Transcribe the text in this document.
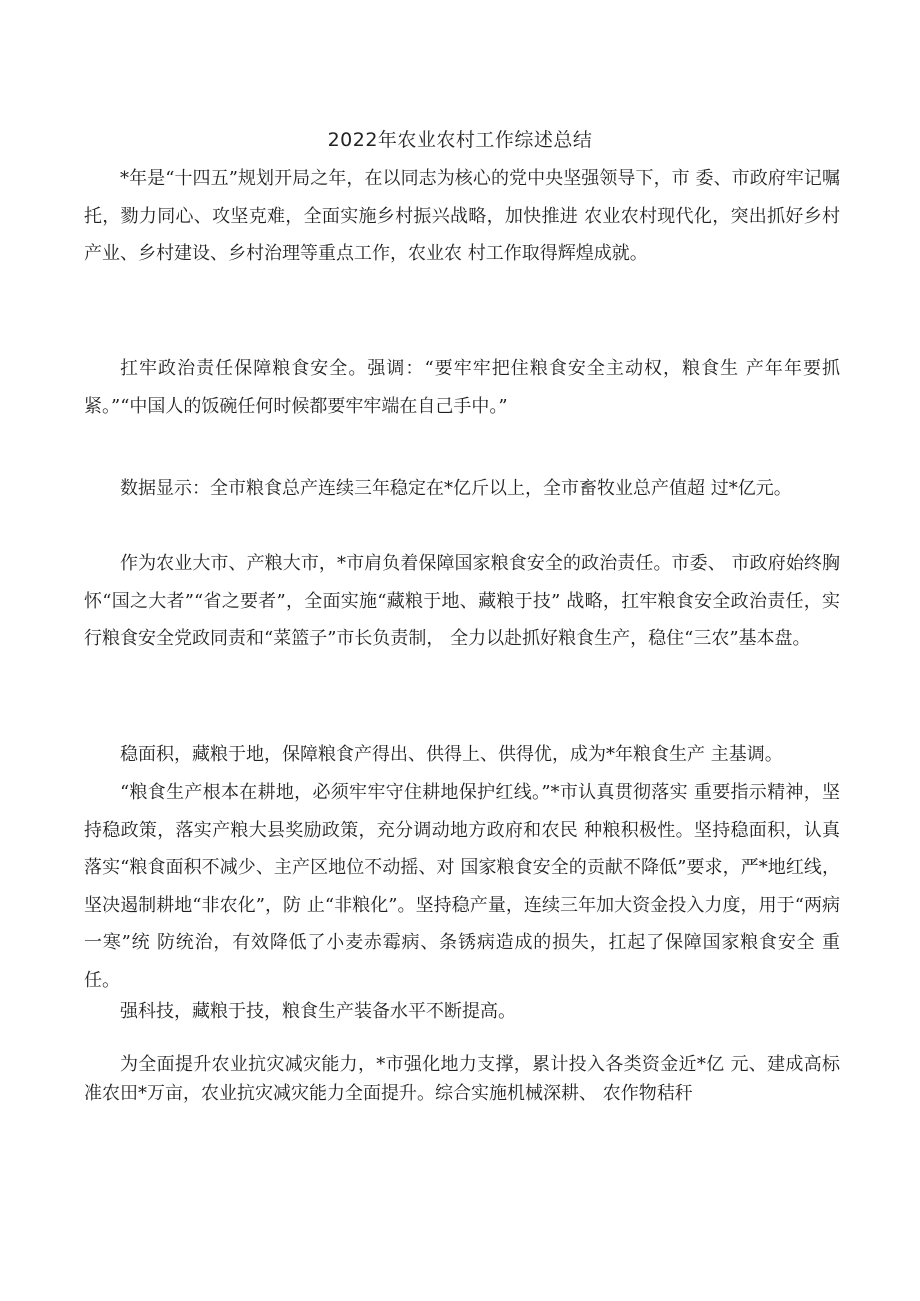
2022年农业农村工作综述总结

*年是“十四五”规划开局之年，在以同志为核心的党中央坚强领导下，市 委、市政府牢记嘱托，勠力同心、攻坚克难，全面实施乡村振兴战略，加快推进 农业农村现代化，突出抓好乡村产业、乡村建设、乡村治理等重点工作，农业农 村工作取得辉煌成就。

扛牢政治责任保障粮食安全。强调：“要牢牢把住粮食安全主动权，粮食生 产年年要抓紧。”“中国人的饭碗任何时候都要牢牢端在自己手中。”

数据显示：全市粮食总产连续三年稳定在*亿斤以上，全市畜牧业总产值超 过*亿元。

作为农业大市、产粮大市，*市肩负着保障国家粮食安全的政治责任。市委、 市政府始终胸怀“国之大者”“省之要者”，全面实施“藏粮于地、藏粮于技” 战略，扛牢粮食安全政治责任，实行粮食安全党政同责和“菜篮子”市长负责制， 全力以赴抓好粮食生产，稳住“三农”基本盘。

稳面积，藏粮于地，保障粮食产得出、供得上、供得优，成为*年粮食生产 主基调。

“粮食生产根本在耕地，必须牢牢守住耕地保护红线。”*市认真贯彻落实 重要指示精神，坚持稳政策，落实产粮大县奖励政策，充分调动地方政府和农民 种粮积极性。坚持稳面积，认真落实“粮食面积不减少、主产区地位不动摇、对 国家粮食安全的贡献不降低”要求，严*地红线，坚决遏制耕地“非农化”，防 止“非粮化”。坚持稳产量，连续三年加大资金投入力度，用于“两病一寒”统 防统治，有效降低了小麦赤霉病、条锈病造成的损失，扛起了保障国家粮食安全 重任。

强科技，藏粮于技，粮食生产装备水平不断提高。

为全面提升农业抗灾减灾能力，*市强化地力支撑，累计投入各类资金近*亿 元、建成高标准农田*万亩，农业抗灾减灾能力全面提升。综合实施机械深耕、 农作物秸秆
